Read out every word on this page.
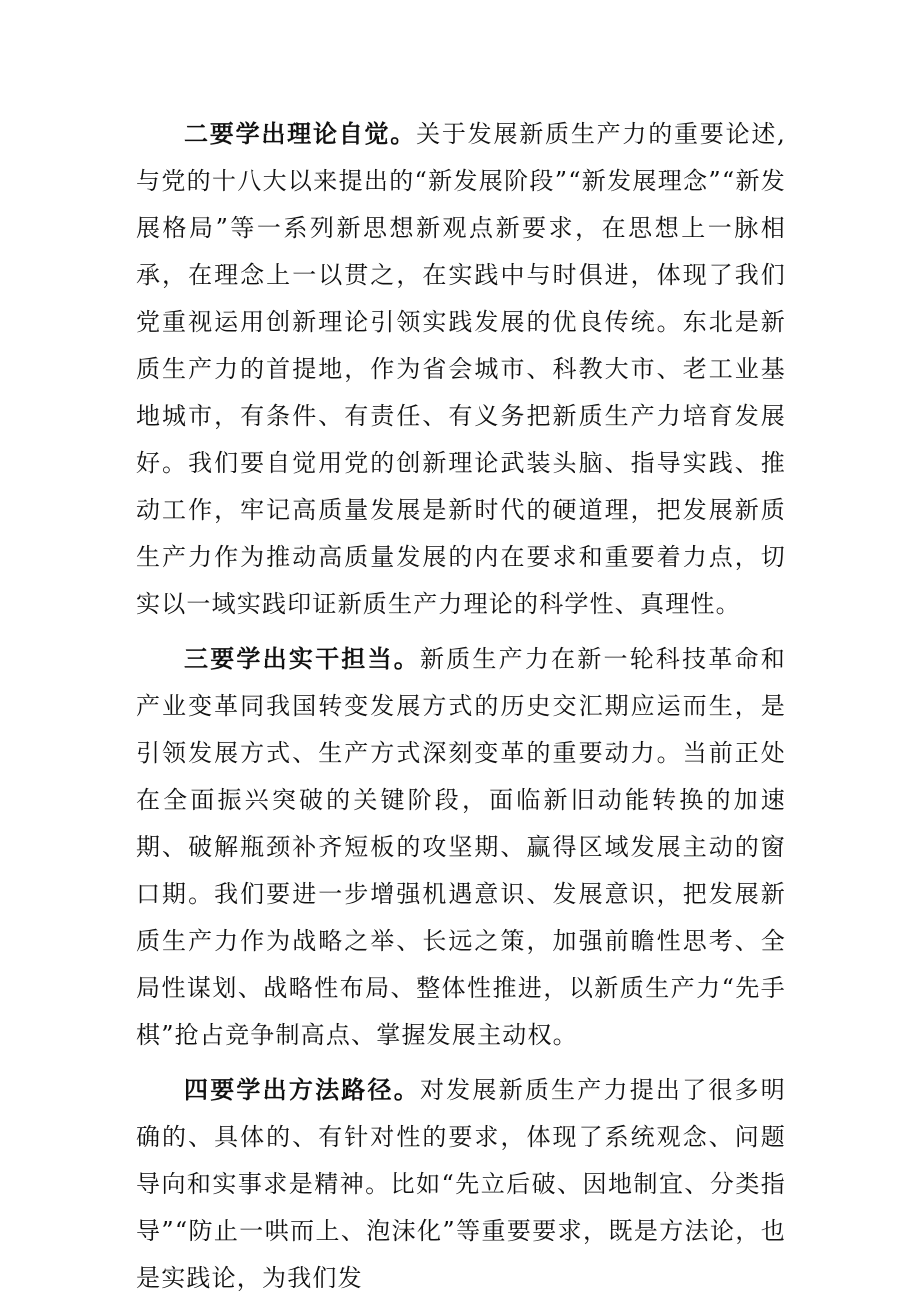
二要学出理论自觉。关于发展新质生产力的重要论述,与党的十八大以来提出的“新发展阶段”“新发展理念”“新发展格局”等一系列新思想新观点新要求，在思想上一脉相承，在理念上一以贯之，在实践中与时俱进，体现了我们党重视运用创新理论引领实践发展的优良传统。东北是新质生产力的首提地，作为省会城市、科教大市、老工业基地城市，有条件、有责任、有义务把新质生产力培育发展好。我们要自觉用党的创新理论武装头脑、指导实践、推动工作，牢记高质量发展是新时代的硬道理，把发展新质生产力作为推动高质量发展的内在要求和重要着力点，切实以一域实践印证新质生产力理论的科学性、真理性。

三要学出实干担当。新质生产力在新一轮科技革命和产业变革同我国转变发展方式的历史交汇期应运而生，是引领发展方式、生产方式深刻变革的重要动力。当前正处在全面振兴突破的关键阶段，面临新旧动能转换的加速期、破解瓶颈补齐短板的攻坚期、赢得区域发展主动的窗口期。我们要进一步增强机遇意识、发展意识，把发展新质生产力作为战略之举、长远之策，加强前瞻性思考、全局性谋划、战略性布局、整体性推进，以新质生产力“先手棋”抢占竞争制高点、掌握发展主动权。

四要学出方法路径。对发展新质生产力提出了很多明确的、具体的、有针对性的要求，体现了系统观念、问题导向和实事求是精神。比如“先立后破、因地制宜、分类指导”“防止一哄而上、泡沫化”等重要要求，既是方法论，也是实践论，为我们发
